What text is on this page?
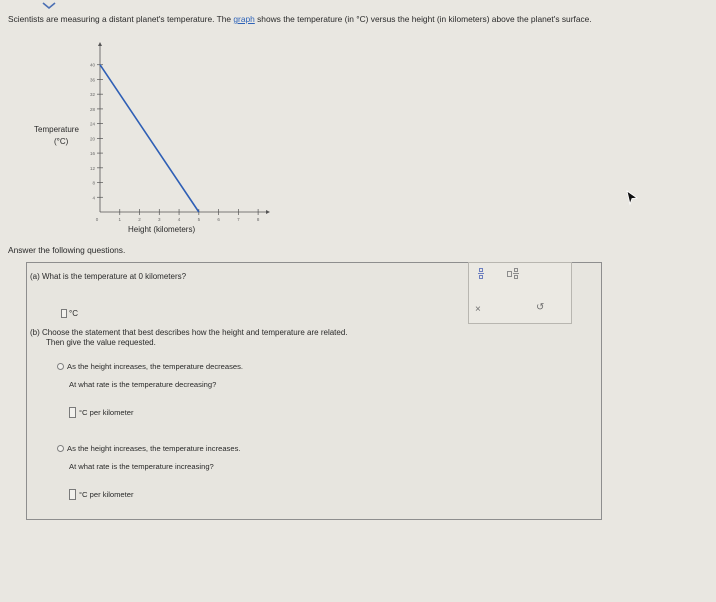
Scientists are measuring a distant planet's temperature. The graph shows the temperature (in °C) versus the height (in kilometers) above the planet's surface.
Temperature
(°C)
Height (kilometers)
4
8
12
16
20
24
28
32
36
40
1	2	3	4	5	6	7	8
0
Answer the following questions.
(a) What is the temperature at 0 kilometers?
°C
(b) Choose the statement that best describes how the height and temperature are related.
Then give the value requested.
As the height increases, the temperature decreases.
At what rate is the temperature decreasing?
°C per kilometer
As the height increases, the temperature increases.
At what rate is the temperature increasing?
°C per kilometer
×	↺
